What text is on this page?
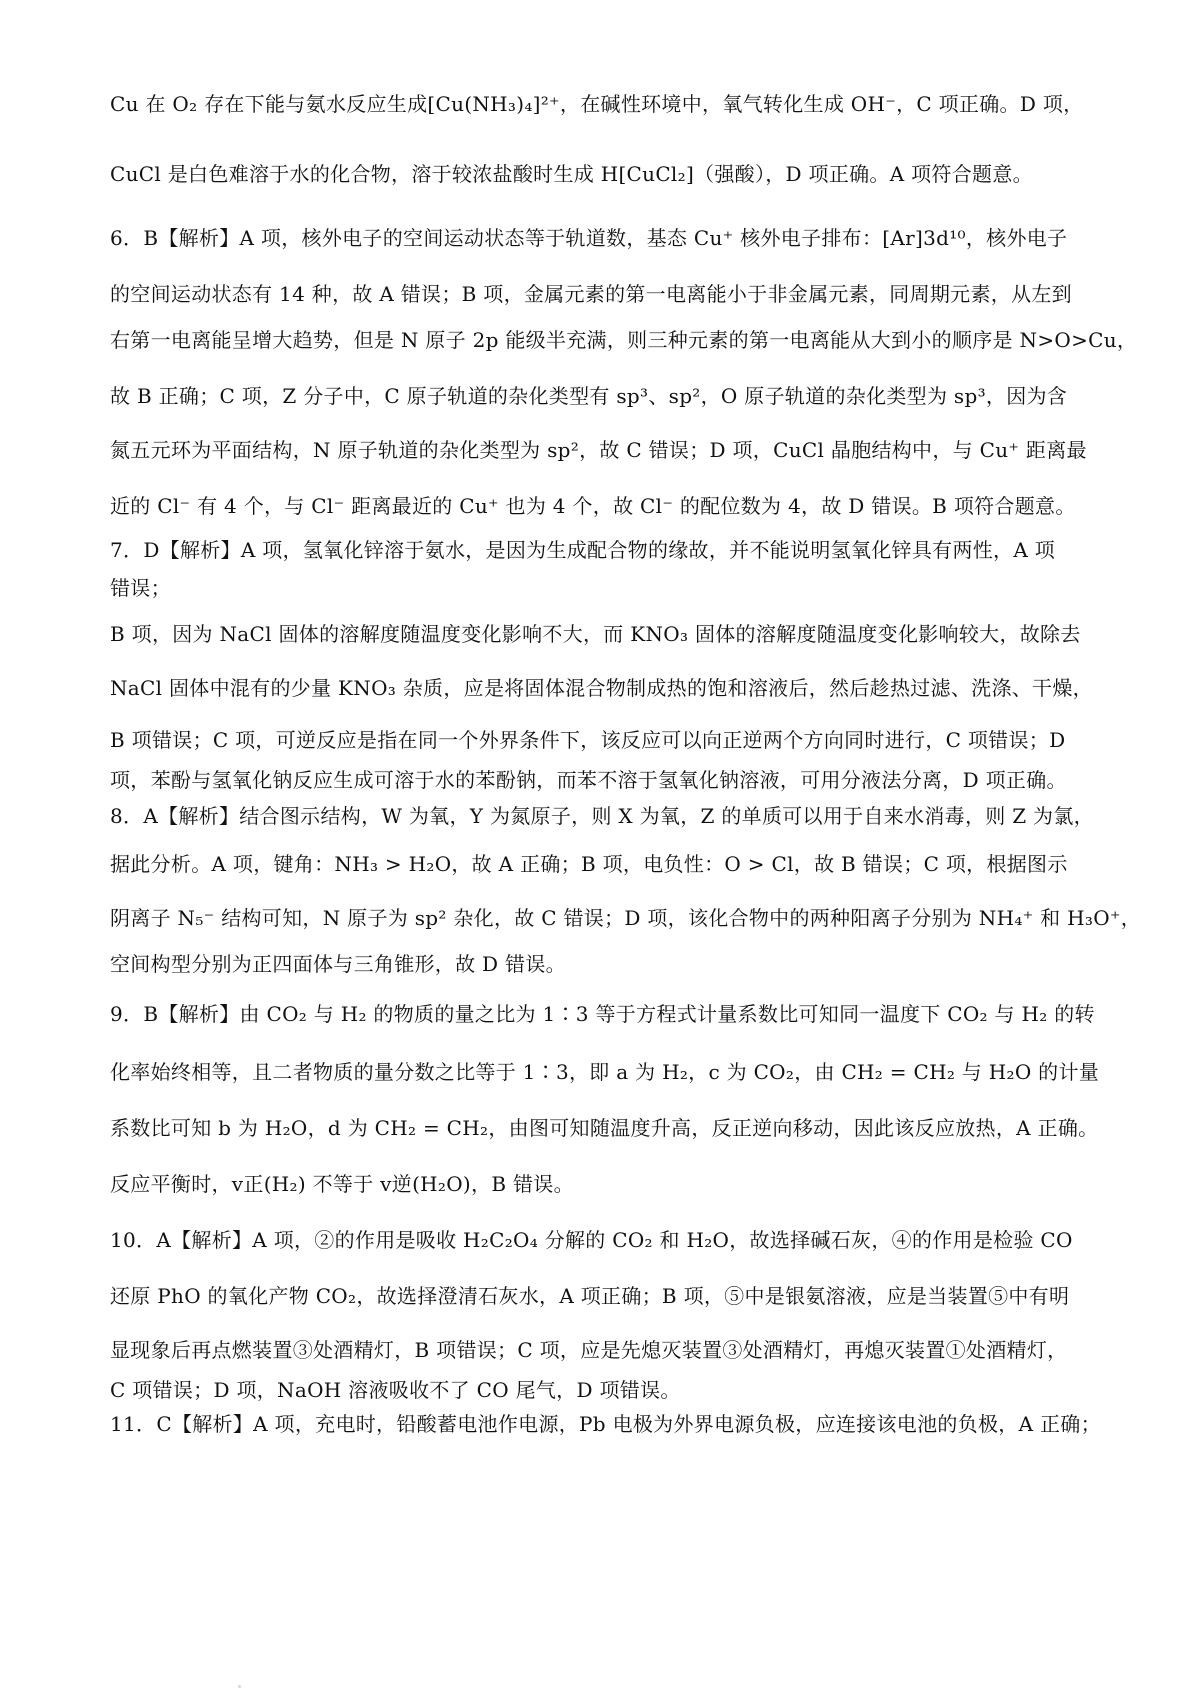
Cu 在 O₂ 存在下能与氨水反应生成[Cu(NH₃)₄]²⁺，在碱性环境中，氧气转化生成 OH⁻，C 项正确。D 项，
CuCl 是白色难溶于水的化合物，溶于较浓盐酸时生成 H[CuCl₂]（强酸），D 项正确。A 项符合题意。
6．B【解析】A 项，核外电子的空间运动状态等于轨道数，基态 Cu⁺ 核外电子排布：[Ar]3d¹⁰，核外电子
的空间运动状态有 14 种，故 A 错误；B 项，金属元素的第一电离能小于非金属元素，同周期元素，从左到
右第一电离能呈增大趋势，但是 N 原子 2p 能级半充满，则三种元素的第一电离能从大到小的顺序是 N>O>Cu，
故 B 正确；C 项，Z 分子中，C 原子轨道的杂化类型有 sp³、sp²，O 原子轨道的杂化类型为 sp³，因为含
氮五元环为平面结构，N 原子轨道的杂化类型为 sp²，故 C 错误；D 项，CuCl 晶胞结构中，与 Cu⁺ 距离最
近的 Cl⁻ 有 4 个，与 Cl⁻ 距离最近的 Cu⁺ 也为 4 个，故 Cl⁻ 的配位数为 4，故 D 错误。B 项符合题意。
7．D【解析】A 项，氢氧化锌溶于氨水，是因为生成配合物的缘故，并不能说明氢氧化锌具有两性，A 项
错误；
B 项，因为 NaCl 固体的溶解度随温度变化影响不大，而 KNO₃ 固体的溶解度随温度变化影响较大，故除去
NaCl 固体中混有的少量 KNO₃ 杂质，应是将固体混合物制成热的饱和溶液后，然后趁热过滤、洗涤、干燥，
B 项错误；C 项，可逆反应是指在同一个外界条件下，该反应可以向正逆两个方向同时进行，C 项错误；D
项，苯酚与氢氧化钠反应生成可溶于水的苯酚钠，而苯不溶于氢氧化钠溶液，可用分液法分离，D 项正确。
8．A【解析】结合图示结构，W 为氧，Y 为氮原子，则 X 为氧，Z 的单质可以用于自来水消毒，则 Z 为氯，
据此分析。A 项，键角：NH₃ > H₂O，故 A 正确；B 项，电负性：O > Cl，故 B 错误；C 项，根据图示
阴离子 N₅⁻ 结构可知，N 原子为 sp² 杂化，故 C 错误；D 项，该化合物中的两种阳离子分别为 NH₄⁺ 和 H₃O⁺，
空间构型分别为正四面体与三角锥形，故 D 错误。
9．B【解析】由 CO₂ 与 H₂ 的物质的量之比为 1∶3 等于方程式计量系数比可知同一温度下 CO₂ 与 H₂ 的转
化率始终相等，且二者物质的量分数之比等于 1∶3，即 a 为 H₂，c 为 CO₂，由 CH₂ = CH₂ 与 H₂O 的计量
系数比可知 b 为 H₂O，d 为 CH₂ = CH₂，由图可知随温度升高，反正逆向移动，因此该反应放热，A 正确。
反应平衡时，v正(H₂) 不等于 v逆(H₂O)，B 错误。
10．A【解析】A 项，②的作用是吸收 H₂C₂O₄ 分解的 CO₂ 和 H₂O，故选择碱石灰，④的作用是检验 CO
还原 PhO 的氧化产物 CO₂，故选择澄清石灰水，A 项正确；B 项，⑤中是银氨溶液，应是当装置⑤中有明
显现象后再点燃装置③处酒精灯，B 项错误；C 项，应是先熄灭装置③处酒精灯，再熄灭装置①处酒精灯，
C 项错误；D 项，NaOH 溶液吸收不了 CO 尾气，D 项错误。
11．C【解析】A 项，充电时，铅酸蓄电池作电源，Pb 电极为外界电源负极，应连接该电池的负极，A 正确；
